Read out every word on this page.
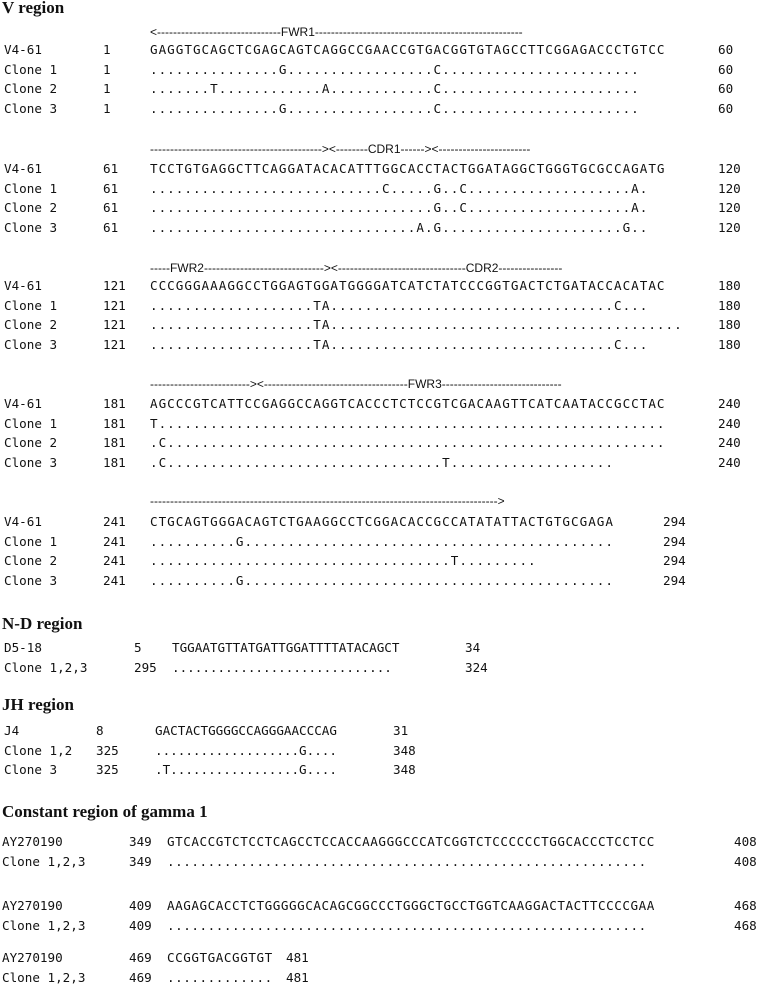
V region
<-------------------------------FWR1----------------------------------------------------
V4-61
Clone 1
Clone 2
Clone 3
1
1
1
1
GAGGTGCAGCTCGAGCAGTCAGGCCGAACCGTGACGGTGTAGCCTTCGGAGACCCTGTCC
...............G.................C.......................
.......T............A............C.......................
...............G.................C.......................
60
60
60
60
-------------------------------------------><--------CDR1------><-----------------------
V4-61
Clone 1
Clone 2
Clone 3
61
61
61
61
TCCTGTGAGGCTTCAGGATACACATTTGGCACCTACTGGATAGGCTGGGTGCGCCAGATG
...........................C.....G..C...................A.
.................................G..C...................A.
...............................A.G.....................G..
120
120
120
120
-----FWR2------------------------------><--------------------------------CDR2----------------
V4-61
Clone 1
Clone 2
Clone 3
121
121
121
121
CCCGGGAAAGGCCTGGAGTGGATGGGGATCATCTATCCCGGTGACTCTGATACCACATAC
...................TA.................................C...
...................TA.........................................
...................TA.................................C...
180
180
180
180
-------------------------><------------------------------------FWR3------------------------------
V4-61
Clone 1
Clone 2
Clone 3
181
181
181
181
AGCCCGTCATTCCGAGGCCAGGTCACCCTCTCCGTCGACAAGTTCATCAATACCGCCTAC
T...........................................................
.C..........................................................
.C................................T...................
240
240
240
240
--------------------------------------------------------------------------------------->
V4-61
Clone 1
Clone 2
Clone 3
241
241
241
241
CTGCAGTGGGACAGTCTGAAGGCCTCGGACACCGCCATATATTACTGTGCGAGA
..........G...........................................
...................................T.........
..........G...........................................
294
294
294
294
N-D region
D5-18
Clone 1,2,3
5
295
TGGAATGTTATGATTGGATTTTATACAGCT
.............................
34
324
JH region
J4
Clone 1,2
Clone 3
8
325
325
GACTACTGGGGCCAGGGAACCCAG
...................G....
.T.................G....
31
348
348
Constant region of gamma 1
AY270190
Clone 1,2,3
349
349
GTCACCGTCTCCTCAGCCTCCACCAAGGGCCCATCGGTCTCCCCCCTGGCACCCTCCTCC
...........................................................
408
408
AY270190
Clone 1,2,3
409
409
AAGAGCACCTCTGGGGGCACAGCGGCCCTGGGCTGCCTGGTCAAGGACTACTTCCCCGAA
...........................................................
468
468
AY270190
Clone 1,2,3
469
469
CCGGTGACGGTGT
.............
481
481
